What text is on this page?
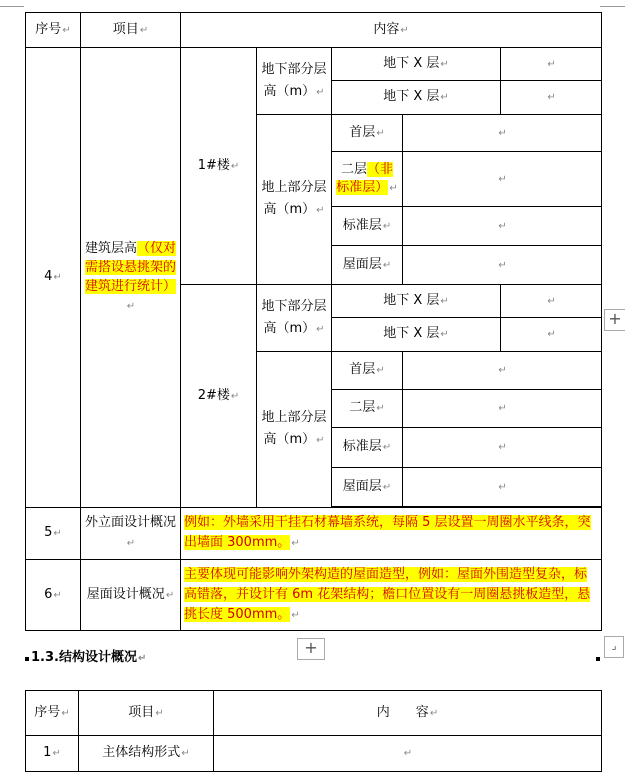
序号↵	项目↵	内容↵				
4↵	建筑层高（仅对需搭设悬挑架的建筑进行统计）↵	1#楼↵	地下部分层高（m）↵	地下 X 层↵		↵
				地下 X 层↵		↵
			地上部分层高（m）↵	首层↵	↵	
				二层（非标准层）↵	↵	
				标准层↵	↵	
				屋面层↵	↵	
		2#楼↵	地下部分层高（m）↵	地下 X 层↵		↵
				地下 X 层↵		↵
			地上部分层高（m）↵	首层↵	↵	
				二层↵	↵	
				标准层↵	↵	
				屋面层↵	↵	

5↵	外立面设计概况↵	例如：外墙采用干挂石材幕墙系统，每隔 5 层设置一周圈水平线条，突出墙面 300mm。↵				
6↵	屋面设计概况↵	主要体现可能影响外架构造的屋面造型，例如：屋面外围造型复杂，标高错落，并设计有 6m 花架结构；檐口位置设有一周圈悬挑板造型，悬挑长度 500mm。↵				
+
+	⌟
1.3.结构设计概况↵
序号↵	项目↵	内　　容↵
1↵	主体结构形式↵	↵
